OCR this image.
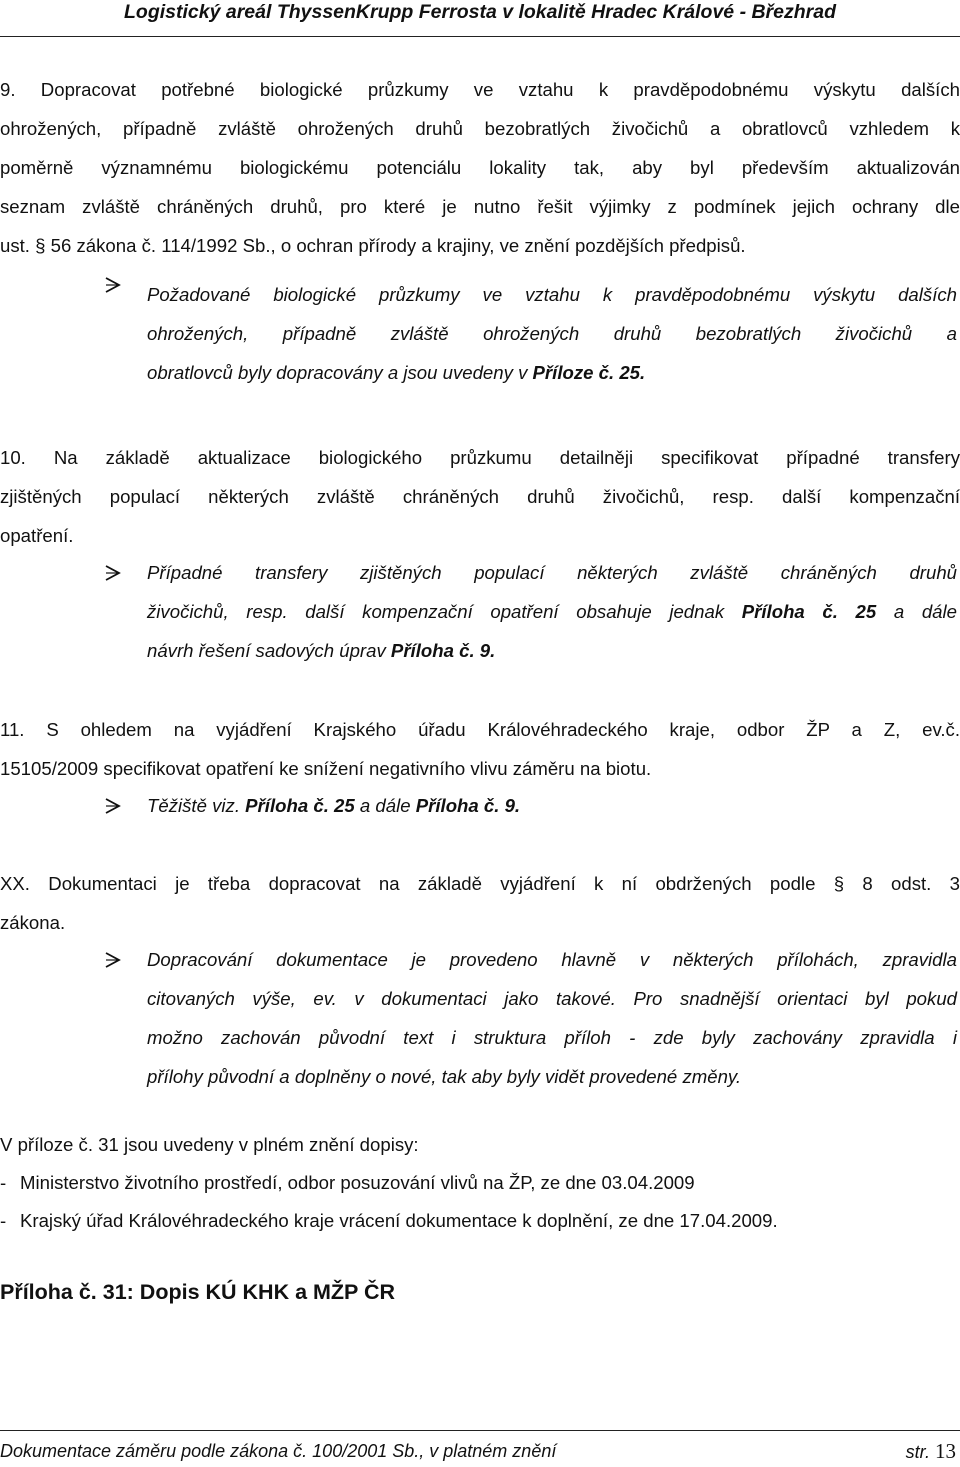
Logistický areál ThyssenKrupp Ferrosta v lokalitě Hradec Králové - Březhrad
9. Dopracovat potřebné biologické průzkumy ve vztahu k pravděpodobnému výskytu dalších
ohrožených, případně zvláště ohrožených druhů bezobratlých živočichů a obratlovců vzhledem k
poměrně významnému biologickému potenciálu lokality tak, aby byl především aktualizován
seznam zvláště chráněných druhů, pro které je nutno řešit výjimky z podmínek jejich ochrany dle
ust. § 56 zákona č. 114/1992 Sb., o ochran přírody a krajiny, ve znění pozdějších předpisů.
Požadované biologické průzkumy ve vztahu k pravděpodobnému výskytu dalších
ohrožených, případně zvláště ohrožených druhů bezobratlých živočichů a
obratlovců byly dopracovány a jsou uvedeny v Příloze č. 25.
10. Na základě aktualizace biologického průzkumu detailněji specifikovat případné transfery
zjištěných populací některých zvláště chráněných druhů živočichů, resp. další kompenzační
opatření.
Případné transfery zjištěných populací některých zvláště chráněných druhů
živočichů, resp. další kompenzační opatření obsahuje jednak Příloha č. 25 a dále
návrh řešení sadových úprav Příloha č. 9.
11. S ohledem na vyjádření Krajského úřadu Královéhradeckého kraje, odbor ŽP a Z, ev.č.
15105/2009 specifikovat opatření ke snížení negativního vlivu záměru na biotu.
Těžiště viz. Příloha č. 25 a dále Příloha č. 9.
XX. Dokumentaci je třeba dopracovat na základě vyjádření k ní obdržených podle § 8 odst. 3
zákona.
Dopracování dokumentace je provedeno hlavně v některých přílohách, zpravidla
citovaných výše, ev. v dokumentaci jako takové. Pro snadnější orientaci byl pokud
možno zachován původní text i struktura příloh - zde byly zachovány zpravidla i
přílohy původní a doplněny o nové, tak aby byly vidět provedené změny.
V příloze č. 31 jsou uvedeny v plném znění dopisy:
- Ministerstvo životního prostředí, odbor posuzování vlivů na ŽP, ze dne 03.04.2009
- Krajský úřad Královéhradeckého kraje vrácení dokumentace k doplnění, ze dne 17.04.2009.
Příloha č. 31: Dopis KÚ KHK a MŽP ČR
Dokumentace záměru podle zákona č. 100/2001 Sb., v platném znění	str. 13
